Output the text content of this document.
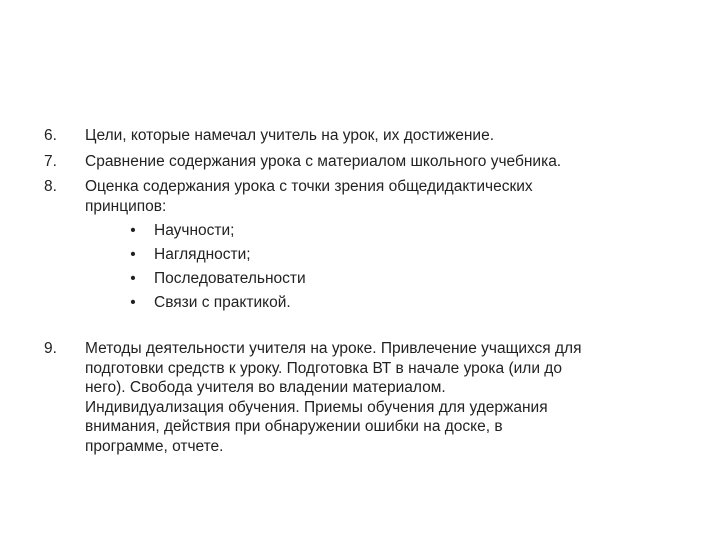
6.	Цели, которые намечал учитель на урок, их достижение.
7.	Сравнение содержания урока с материалом школьного учебника.
8.	Оценка содержания урока с точки зрения общедидактических
принципов:
• Научности;
• Наглядности;
• Последовательности
• Связи с практикой.
9.	Методы деятельности учителя на уроке. Привлечение учащихся для
подготовки средств к уроку. Подготовка ВТ в начале урока (или до
него). Свобода учителя во владении материалом.
Индивидуализация обучения. Приемы обучения для удержания
внимания, действия при обнаружении ошибки на доске, в
программе, отчете.
